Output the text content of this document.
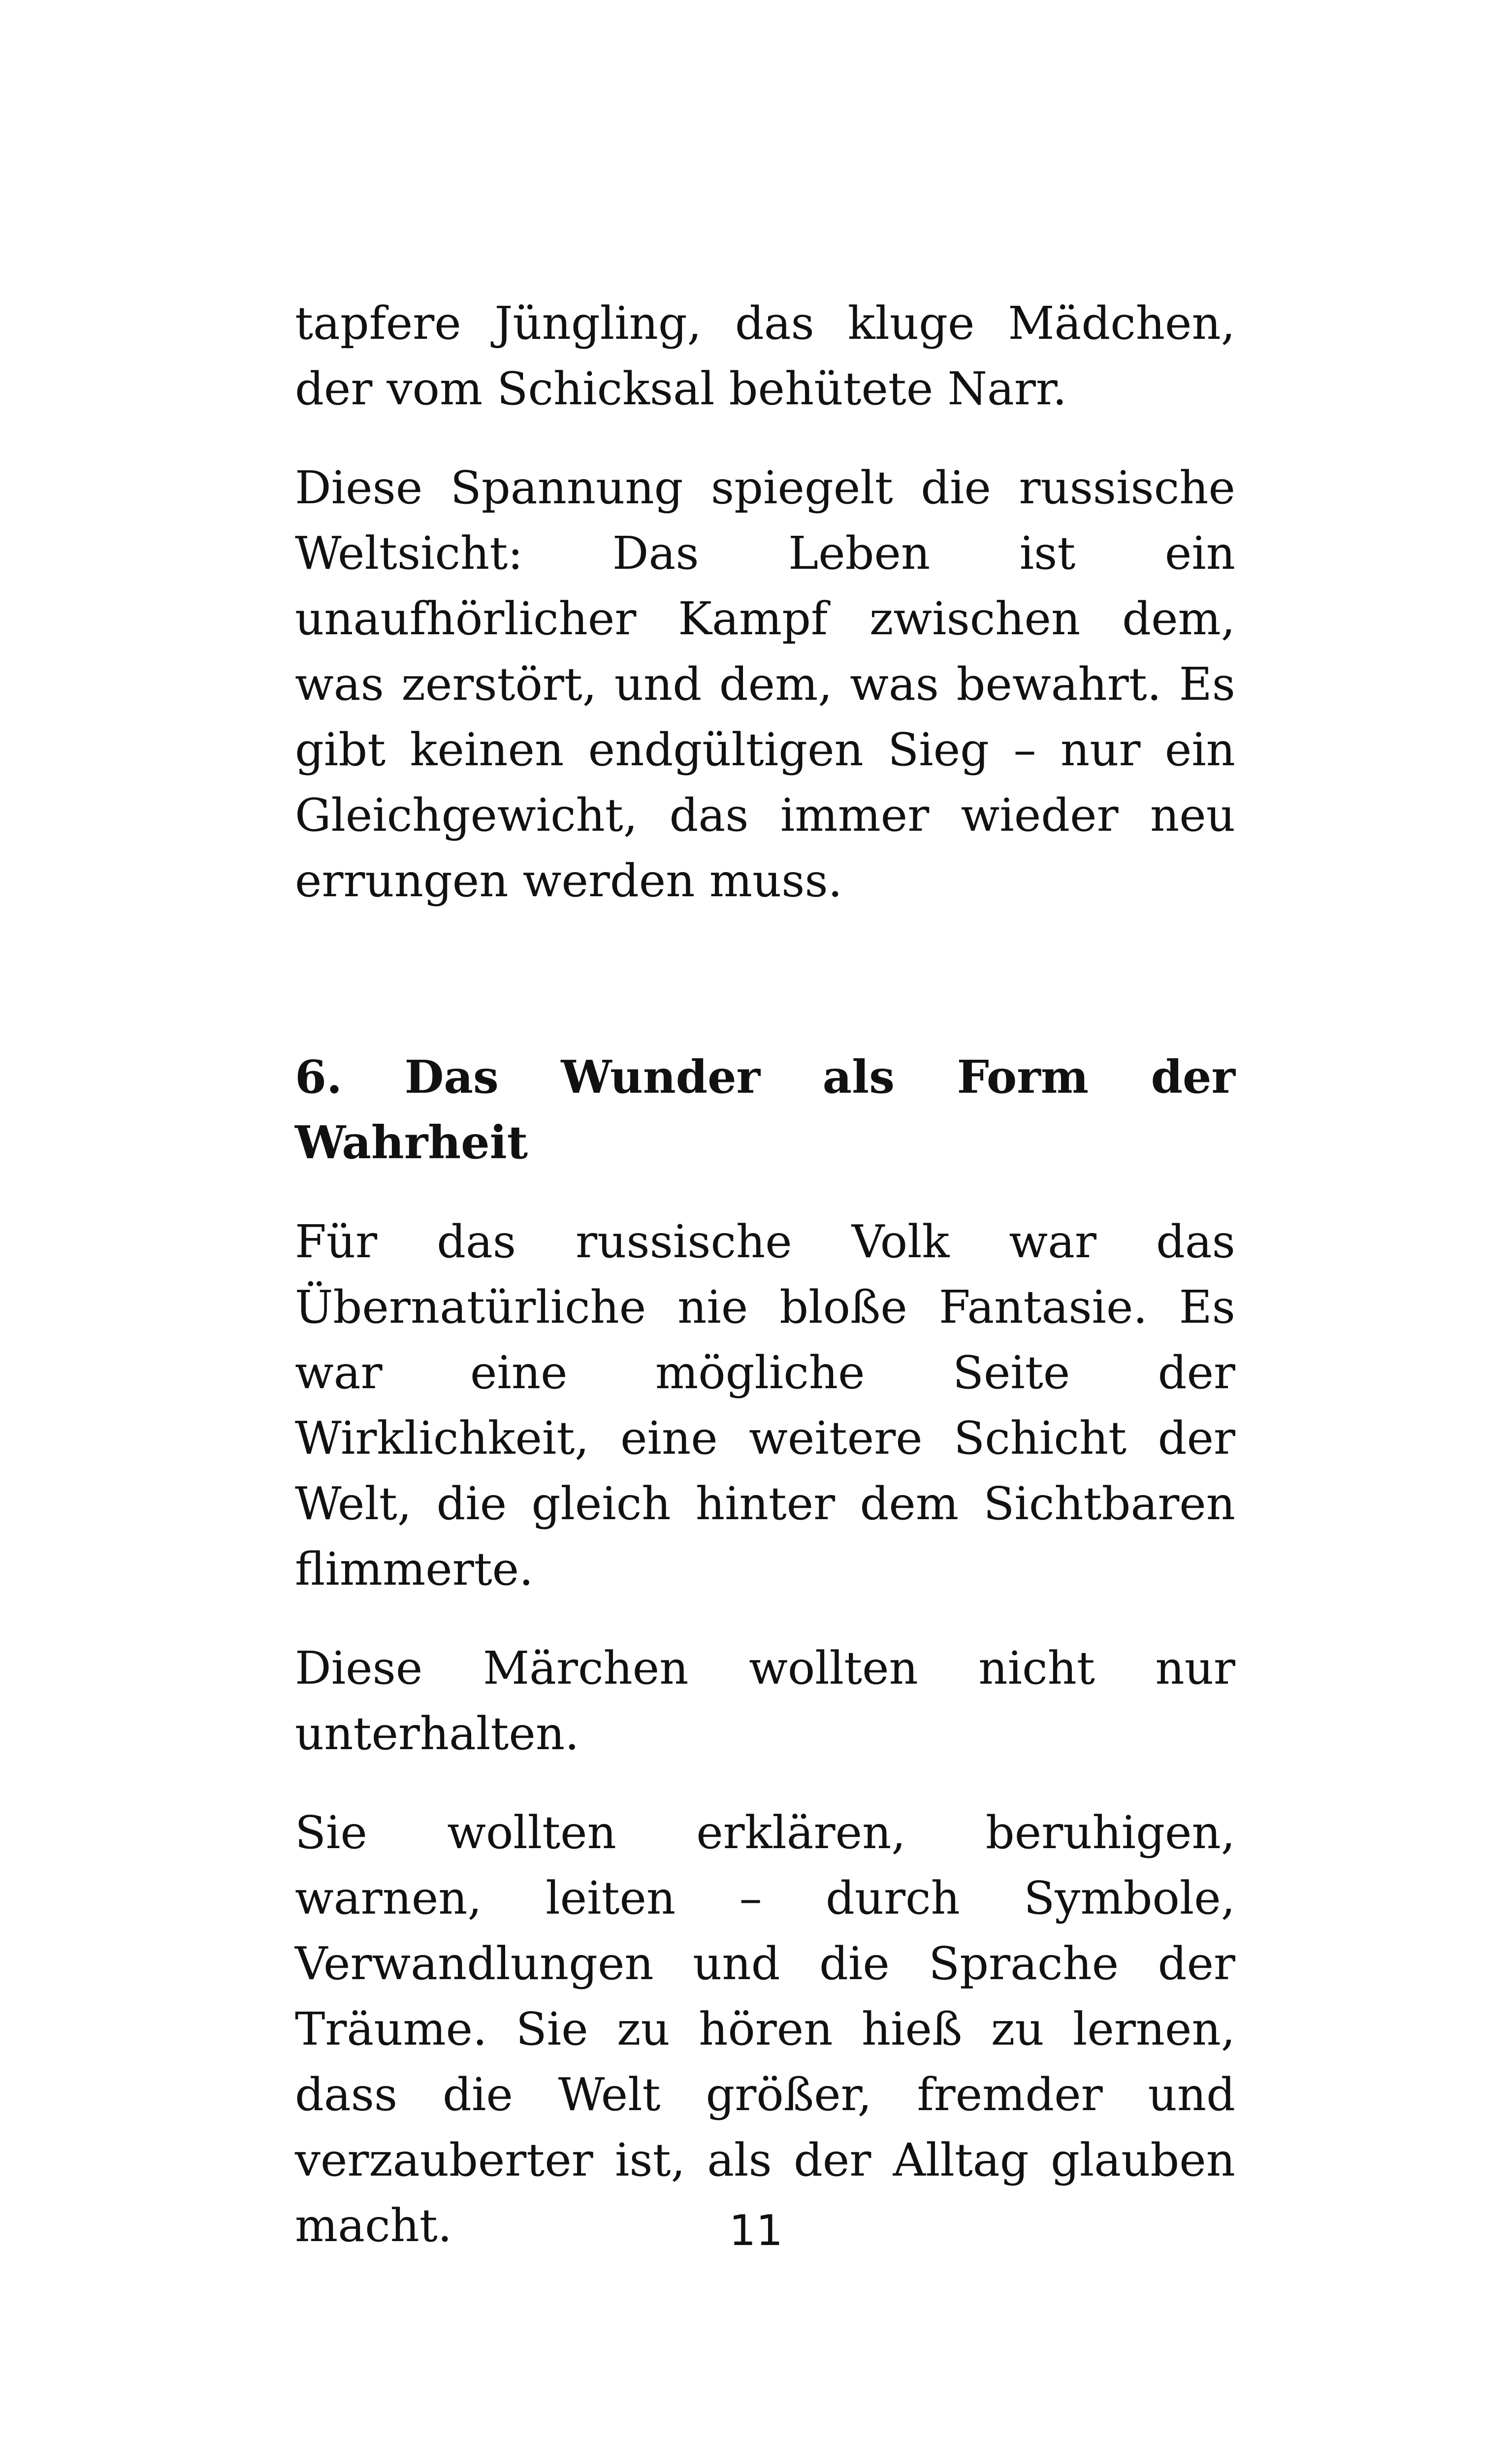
tapfere Jüngling, das kluge Mädchen, der vom Schicksal behütete Narr.

Diese Spannung spiegelt die russische Weltsicht: Das Leben ist ein unaufhörlicher Kampf zwischen dem, was zerstört, und dem, was bewahrt. Es gibt keinen endgültigen Sieg – nur ein Gleichgewicht, das immer wieder neu errungen werden muss.

6. Das Wunder als Form der Wahrheit

Für das russische Volk war das Übernatürliche nie bloße Fantasie. Es war eine mögliche Seite der Wirklichkeit, eine weitere Schicht der Welt, die gleich hinter dem Sichtbaren flimmerte.

Diese Märchen wollten nicht nur unterhalten.

Sie wollten erklären, beruhigen, warnen, leiten – durch Symbole, Verwandlungen und die Sprache der Träume. Sie zu hören hieß zu lernen, dass die Welt größer, fremder und verzauberter ist, als der Alltag glauben macht.	11
